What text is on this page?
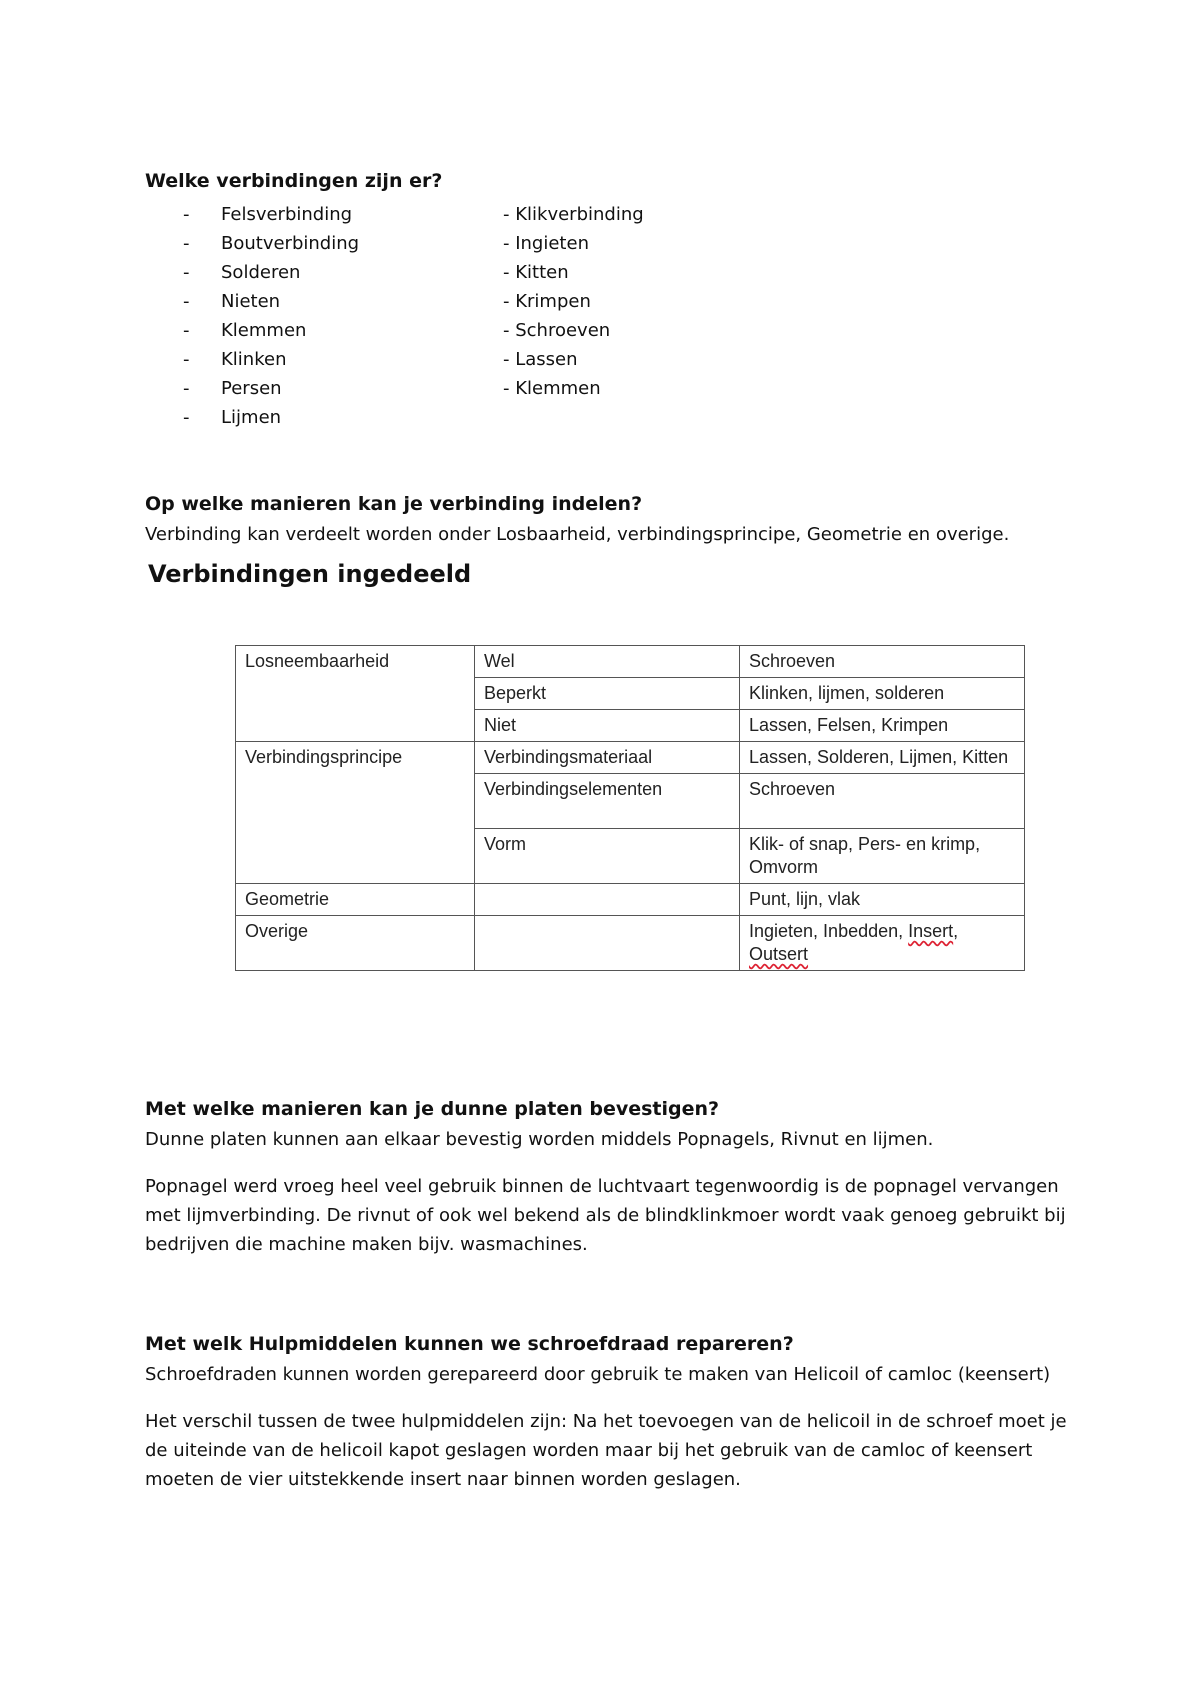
Welke verbindingen zijn er?
- Felsverbinding
- Boutverbinding
- Solderen
- Nieten
- Klemmen
- Klinken
- Persen
- Lijmen
- Klikverbinding
- Ingieten
- Kitten
- Krimpen
- Schroeven
- Lassen
- Klemmen
Op welke manieren kan je verbinding indelen?

Verbinding kan verdeelt worden onder Losbaarheid, verbindingsprincipe, Geometrie en overige.

Verbindingen ingedeeld
Losneembaarheid	Wel	Schroeven
	Beperkt	Klinken, lijmen, solderen
	Niet	Lassen, Felsen, Krimpen
Verbindingsprincipe	Verbindingsmateriaal	Lassen, Solderen, Lijmen, Kitten
	Verbindingselementen	Schroeven
	Vorm	Klik- of snap, Pers- en krimp, Omvorm
Geometrie		Punt, lijn, vlak
Overige		Ingieten, Inbedden, Insert, Outsert
Met welke manieren kan je dunne platen bevestigen?

Dunne platen kunnen aan elkaar bevestig worden middels Popnagels, Rivnut en lijmen.

Popnagel werd vroeg heel veel gebruik binnen de luchtvaart tegenwoordig is de popnagel vervangen met lijmverbinding. De rivnut of ook wel bekend als de blindklinkmoer wordt vaak genoeg gebruikt bij bedrijven die machine maken bijv. wasmachines.

Met welk Hulpmiddelen kunnen we schroefdraad repareren?

Schroefdraden kunnen worden gerepareerd door gebruik te maken van Helicoil of camloc (keensert)

Het verschil tussen de twee hulpmiddelen zijn: Na het toevoegen van de helicoil in de schroef moet je de uiteinde van de helicoil kapot geslagen worden maar bij het gebruik van de camloc of keensert moeten de vier uitstekkende insert naar binnen worden geslagen.
